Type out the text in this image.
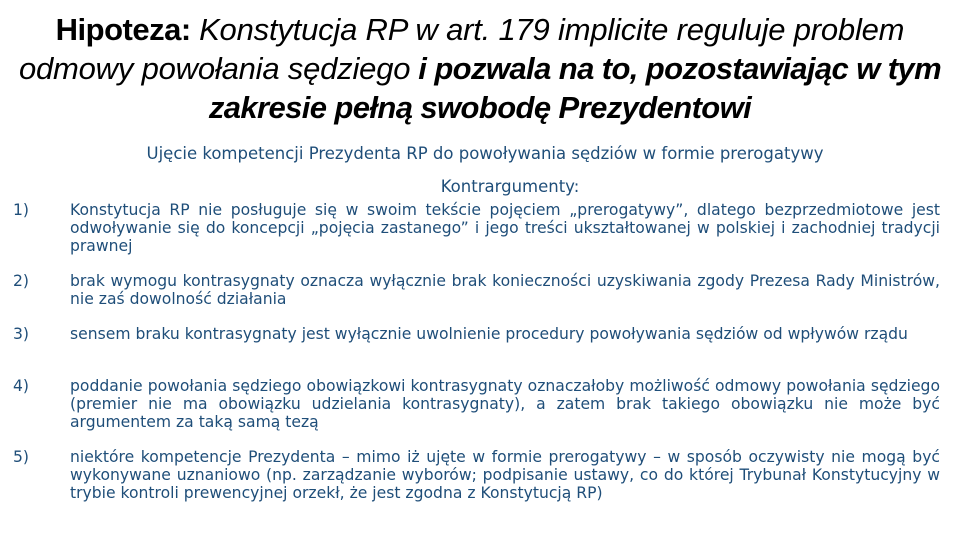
Hipoteza: Konstytucja RP w art. 179 implicite reguluje problem odmowy powołania sędziego i pozwala na to, pozostawiając w tym zakresie pełną swobodę Prezydentowi
Ujęcie kompetencji Prezydenta RP do powoływania sędziów w formie prerogatywy
Kontrargumenty:
1)	Konstytucja RP nie posługuje się w swoim tekście pojęciem „prerogatywy”, dlatego bezprzedmiotowe jest odwoływanie się do koncepcji „pojęcia zastanego” i jego treści ukształtowanej w polskiej i zachodniej tradycji prawnej
2)	brak wymogu kontrasygnaty oznacza wyłącznie brak konieczności uzyskiwania zgody Prezesa Rady Ministrów, nie zaś dowolność działania
3)	sensem braku kontrasygnaty jest wyłącznie uwolnienie procedury powoływania sędziów od wpływów rządu
4)	poddanie powołania sędziego obowiązkowi kontrasygnaty oznaczałoby możliwość odmowy powołania sędziego (premier nie ma obowiązku udzielania kontrasygnaty), a zatem brak takiego obowiązku nie może być argumentem za taką samą tezą
5)	niektóre kompetencje Prezydenta – mimo iż ujęte w formie prerogatywy – w sposób oczywisty nie mogą być wykonywane uznaniowo (np. zarządzanie wyborów; podpisanie ustawy, co do której Trybunał Konstytucyjny w trybie kontroli prewencyjnej orzekł, że jest zgodna z Konstytucją RP)
